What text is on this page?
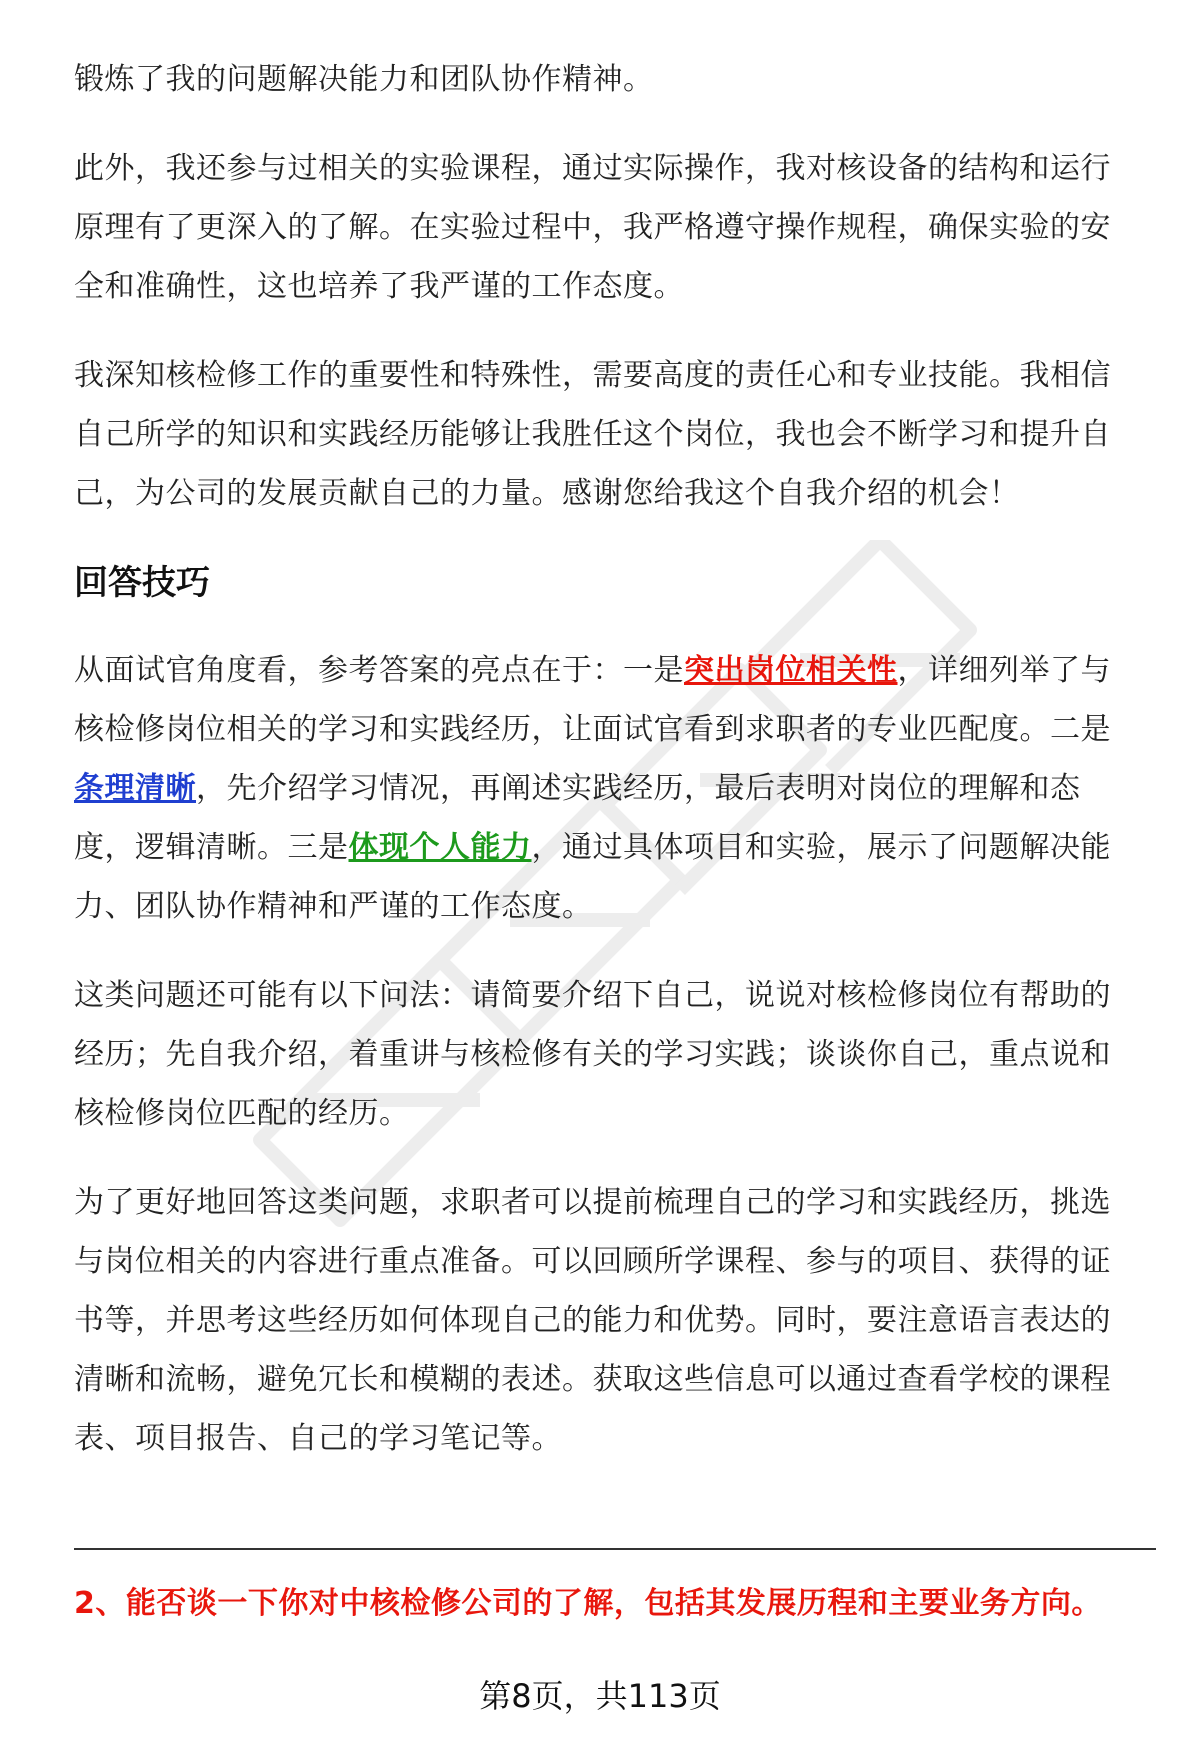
锻炼了我的问题解决能力和团队协作精神。

此外，我还参与过相关的实验课程，通过实际操作，我对核设备的结构和运行原理有了更深入的了解。在实验过程中，我严格遵守操作规程，确保实验的安全和准确性，这也培养了我严谨的工作态度。

我深知核检修工作的重要性和特殊性，需要高度的责任心和专业技能。我相信自己所学的知识和实践经历能够让我胜任这个岗位，我也会不断学习和提升自己，为公司的发展贡献自己的力量。感谢您给我这个自我介绍的机会！

回答技巧

从面试官角度看，参考答案的亮点在于：一是突出岗位相关性，详细列举了与核检修岗位相关的学习和实践经历，让面试官看到求职者的专业匹配度。二是条理清晰，先介绍学习情况，再阐述实践经历，最后表明对岗位的理解和态度，逻辑清晰。三是体现个人能力，通过具体项目和实验，展示了问题解决能力、团队协作精神和严谨的工作态度。

这类问题还可能有以下问法：请简要介绍下自己，说说对核检修岗位有帮助的经历；先自我介绍，着重讲与核检修有关的学习实践；谈谈你自己，重点说和核检修岗位匹配的经历。

为了更好地回答这类问题，求职者可以提前梳理自己的学习和实践经历，挑选与岗位相关的内容进行重点准备。可以回顾所学课程、参与的项目、获得的证书等，并思考这些经历如何体现自己的能力和优势。同时，要注意语言表达的清晰和流畅，避免冗长和模糊的表述。获取这些信息可以通过查看学校的课程表、项目报告、自己的学习笔记等。

2、能否谈一下你对中核检修公司的了解，包括其发展历程和主要业务方向。
第8页，共113页
